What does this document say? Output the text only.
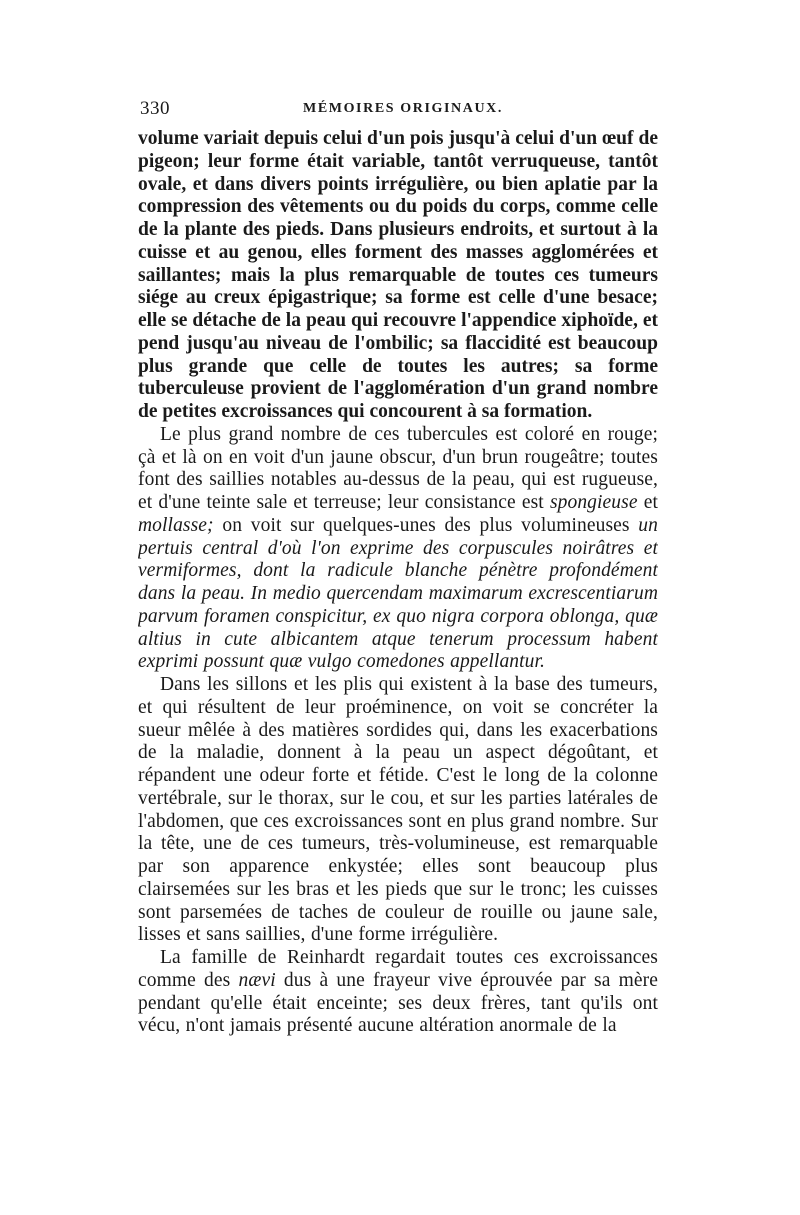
330	MÉMOIRES ORIGINAUX.

volume variait depuis celui d'un pois jusqu'à celui d'un œuf de pigeon; leur forme était variable, tantôt verruqueuse, tantôt ovale, et dans divers points irrégulière, ou bien aplatie par la compression des vêtements ou du poids du corps, comme celle de la plante des pieds. Dans plusieurs endroits, et surtout à la cuisse et au genou, elles forment des masses agglomérées et saillantes; mais la plus remarquable de toutes ces tumeurs siége au creux épigastrique; sa forme est celle d'une besace; elle se détache de la peau qui recouvre l'appendice xiphoïde, et pend jusqu'au niveau de l'ombilic; sa flaccidité est beaucoup plus grande que celle de toutes les autres; sa forme tuberculeuse provient de l'agglomération d'un grand nombre de petites excroissances qui concourent à sa formation.

Le plus grand nombre de ces tubercules est coloré en rouge; çà et là on en voit d'un jaune obscur, d'un brun rougeâtre; toutes font des saillies notables au-dessus de la peau, qui est rugueuse, et d'une teinte sale et terreuse; leur consistance est spongieuse et mollasse; on voit sur quelques-unes des plus volumineuses un pertuis central d'où l'on exprime des corpuscules noirâtres et vermiformes, dont la radicule blanche pénètre profondément dans la peau. In medio quercendam maximarum excrescentiarum parvum foramen conspicitur, ex quo nigra corpora oblonga, quæ altius in cute albicantem atque tenerum processum habent exprimi possunt quæ vulgo comedones appellantur.

Dans les sillons et les plis qui existent à la base des tumeurs, et qui résultent de leur proéminence, on voit se concréter la sueur mêlée à des matières sordides qui, dans les exacerbations de la maladie, donnent à la peau un aspect dégoûtant, et répandent une odeur forte et fétide. C'est le long de la colonne vertébrale, sur le thorax, sur le cou, et sur les parties latérales de l'abdomen, que ces excroissances sont en plus grand nombre. Sur la tête, une de ces tumeurs, très-volumineuse, est remarquable par son apparence enkystée; elles sont beaucoup plus clairsemées sur les bras et les pieds que sur le tronc; les cuisses sont parsemées de taches de couleur de rouille ou jaune sale, lisses et sans saillies, d'une forme irrégulière.

La famille de Reinhardt regardait toutes ces excroissances comme des nævi dus à une frayeur vive éprouvée par sa mère pendant qu'elle était enceinte; ses deux frères, tant qu'ils ont vécu, n'ont jamais présenté aucune altération anormale de la
